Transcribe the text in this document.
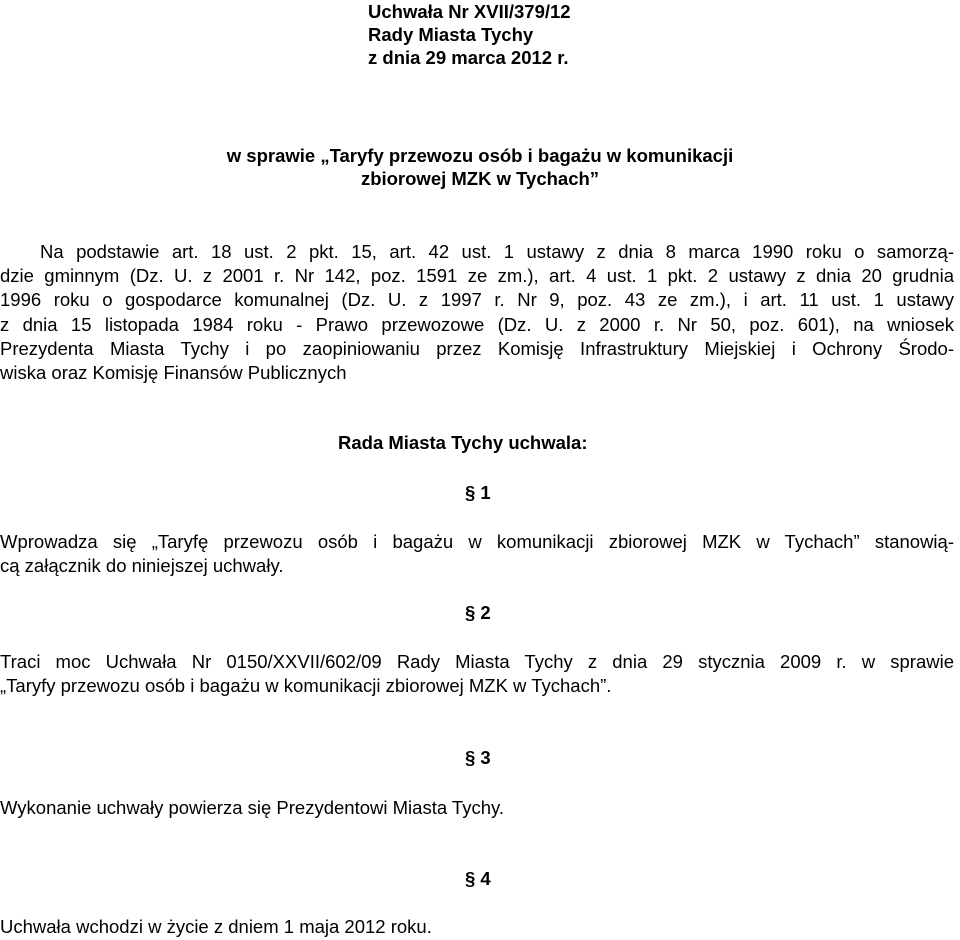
Uchwała Nr XVII/379/12
Rady Miasta Tychy
z dnia 29 marca 2012 r.
w sprawie „Taryfy przewozu osób i bagażu w komunikacji
zbiorowej MZK w Tychach”
Na podstawie art. 18 ust. 2 pkt. 15, art. 42 ust. 1 ustawy z dnia 8 marca 1990 roku o samorzą-
dzie gminnym (Dz. U. z 2001 r. Nr 142, poz. 1591 ze zm.), art. 4 ust. 1 pkt. 2 ustawy z dnia 20 grudnia
1996 roku o gospodarce komunalnej (Dz. U. z 1997 r. Nr 9, poz. 43 ze zm.), i art. 11 ust. 1 ustawy
z dnia 15 listopada 1984 roku - Prawo przewozowe (Dz. U. z 2000 r. Nr 50, poz. 601), na wniosek
Prezydenta Miasta Tychy i po zaopiniowaniu przez Komisję Infrastruktury Miejskiej i Ochrony Środo-
wiska oraz Komisję Finansów Publicznych
Rada Miasta Tychy uchwala:
§ 1
Wprowadza się „Taryfę przewozu osób i bagażu w komunikacji zbiorowej MZK w Tychach” stanowią-
cą załącznik do niniejszej uchwały.
§ 2
Traci moc Uchwała Nr 0150/XXVII/602/09 Rady Miasta Tychy z dnia 29 stycznia 2009 r. w sprawie
„Taryfy przewozu osób i bagażu w komunikacji zbiorowej MZK w Tychach”.
§ 3
Wykonanie uchwały powierza się Prezydentowi Miasta Tychy.
§ 4
Uchwała wchodzi w życie z dniem 1 maja 2012 roku.
